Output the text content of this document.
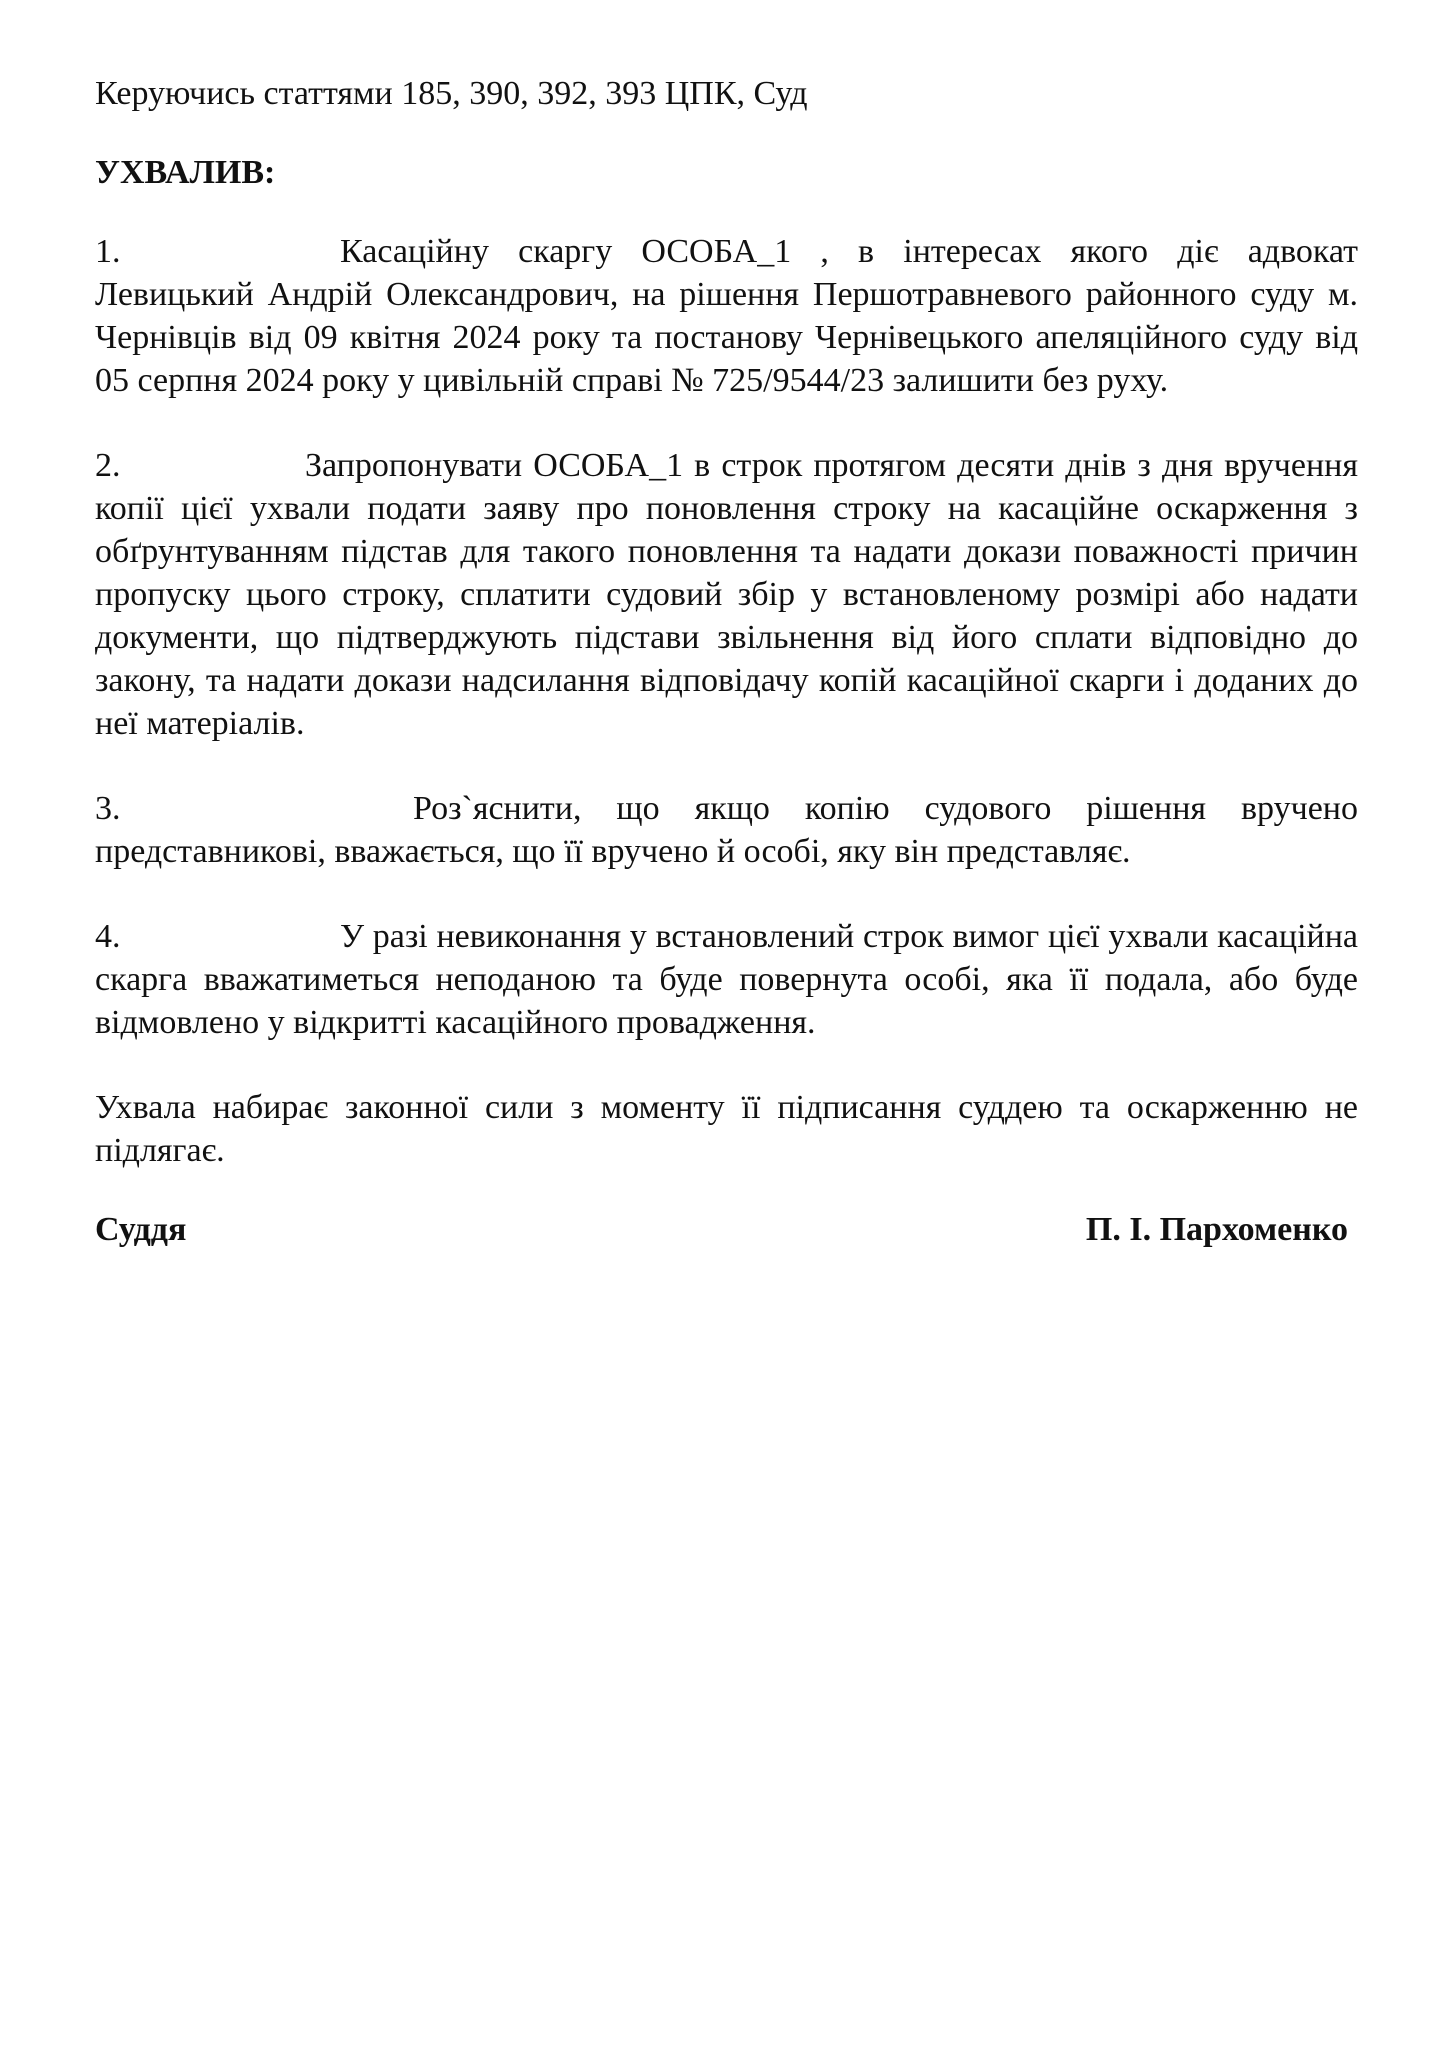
Керуючись статтями 185, 390, 392, 393 ЦПК, Суд

УХВАЛИВ:

1.	Касаційну скаргу ОСОБА_1 , в інтересах якого діє адвокат Левицький Андрій Олександрович, на рішення Першотравневого районного суду м. Чернівців від 09 квітня 2024 року та постанову Чернівецького апеляційного суду від 05 серпня 2024 року у цивільній справі № 725/9544/23 залишити без руху.

2.	Запропонувати ОСОБА_1 в строк протягом десяти днів з дня вручення копії цієї ухвали подати заяву про поновлення строку на касаційне оскарження з обґрунтуванням підстав для такого поновлення та надати докази поважності причин пропуску цього строку, сплатити судовий збір у встановленому розмірі або надати документи, що підтверджують підстави звільнення від його сплати відповідно до закону, та надати докази надсилання відповідачу копій касаційної скарги і доданих до неї матеріалів.

3.	Роз`яснити, що якщо копію судового рішення вручено представникові, вважається, що її вручено й особі, яку він представляє.

4.	У разі невиконання у встановлений строк вимог цієї ухвали касаційна скарга вважатиметься неподаною та буде повернута особі, яка її подала, або буде відмовлено у відкритті касаційного провадження.

Ухвала набирає законної сили з моменту її підписання суддею та оскарженню не підлягає.

Суддя	П. І. Пархоменко
